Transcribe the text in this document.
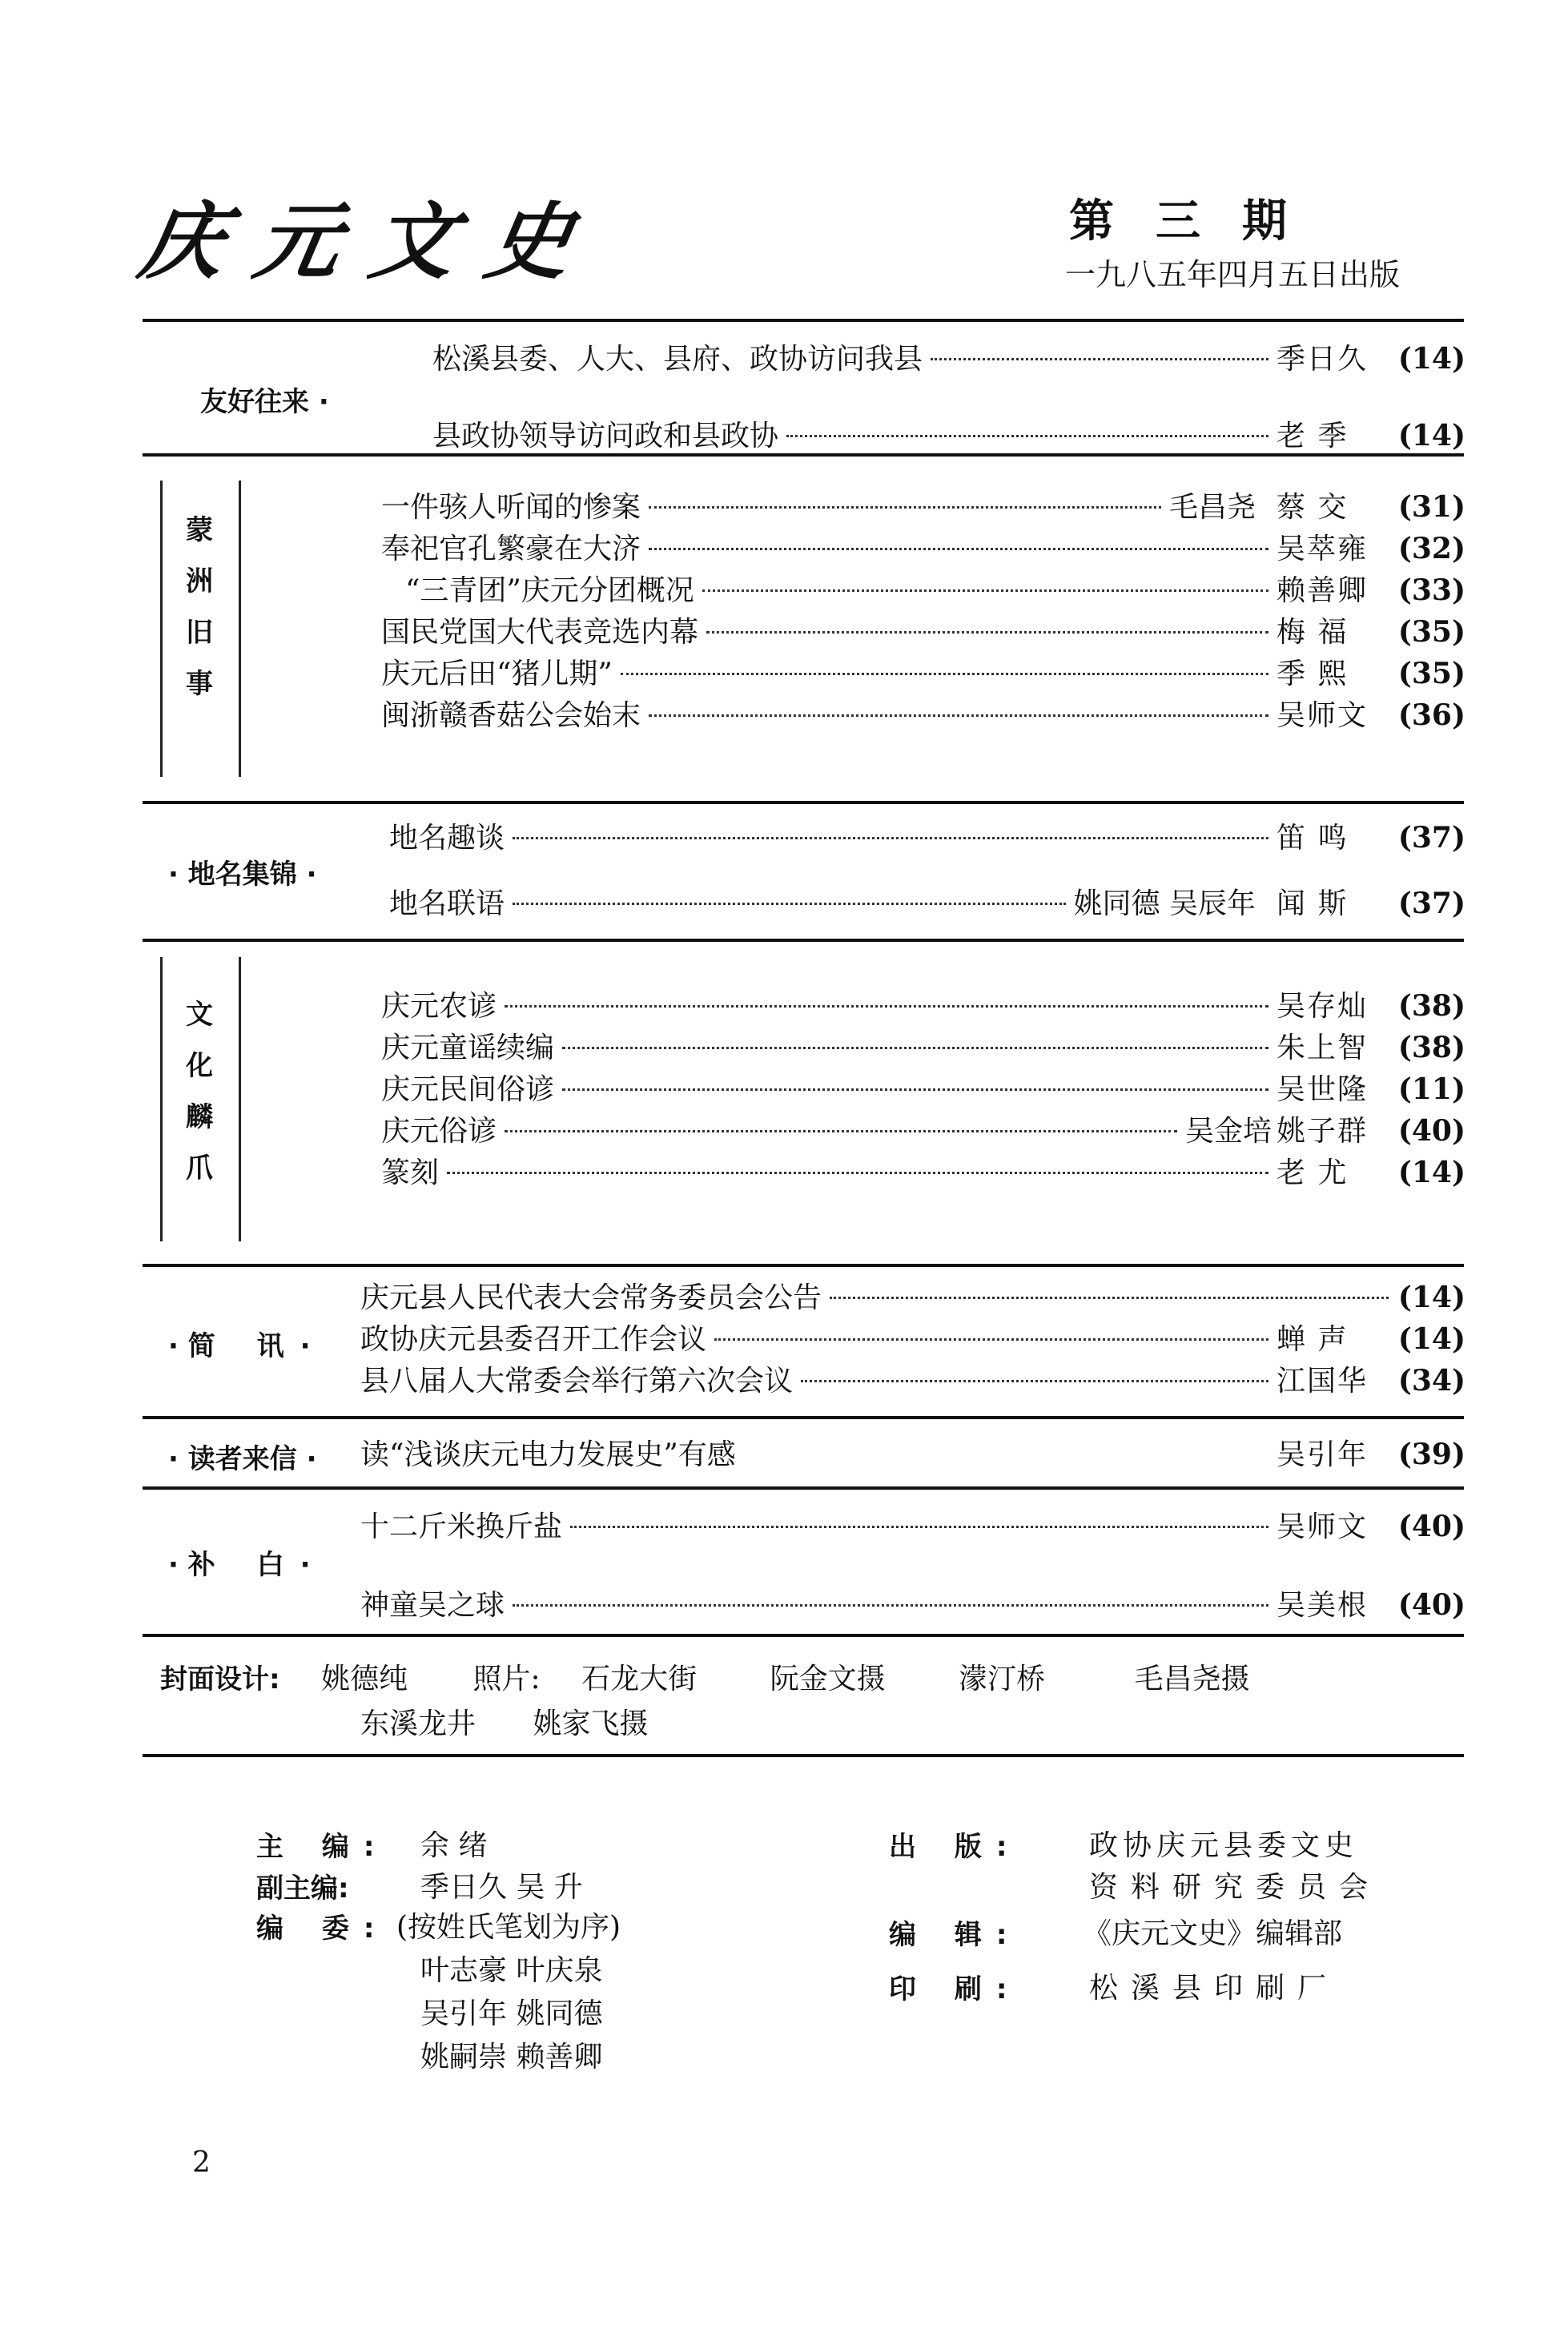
庆元文史	第三期
一九八五年四月五日出版
友好往来 ·
松溪县委、人大、县府、政协访问我县	季日久	(14)
县政协领导访问政和县政协	老 季	(14)
蒙
洲
旧
事
一件骇人听闻的惨案	毛昌尧 蔡 交	(31)
奉祀官孔繁豪在大济	吴萃雍	(32)
“三青团”庆元分团概况	赖善卿	(33)
国民党国大代表竞选内幕	梅 福	(35)
庆元后田“猪儿期”	季 熙	(35)
闽浙赣香菇公会始末	吴师文	(36)
· 地名集锦 ·
地名趣谈	笛 鸣	(37)
地名联语	姚同德 吴辰年 闻 斯	(37)
文
化
麟
爪
庆元农谚	吴存灿	(38)
庆元童谣续编	朱上智	(38)
庆元民间俗谚	吴世隆	(11)
庆元俗谚	吴金培 姚子群	(40)
篆刻	老 尤	(14)
· 简 讯·
庆元县人民代表大会常务委员会公告	(14)
政协庆元县委召开工作会议	蝉 声	(14)
县八届人大常委会举行第六次会议	江国华	(34)
· 读者来信 · 读“浅谈庆元电力发展史”有感	吴引年	(39)
· 补 白·
十二斤米换斤盐	吴师文	(40)
神童吴之球	吴美根	(40)
封面设计: 姚德纯 照片: 石龙大街	阮金文摄	濛汀桥	毛昌尧摄
东溪龙井 姚家飞摄
主 编: 余 绪
副主编: 季日久 吴 升
编 委: (按姓氏笔划为序)
叶志豪 叶庆泉
吴引年 姚同德
姚嗣崇 赖善卿
出 版: 政协庆元县委文史
资料研究委员会
编 辑: 《庆元文史》编辑部
印 刷: 松溪县印刷厂
2
